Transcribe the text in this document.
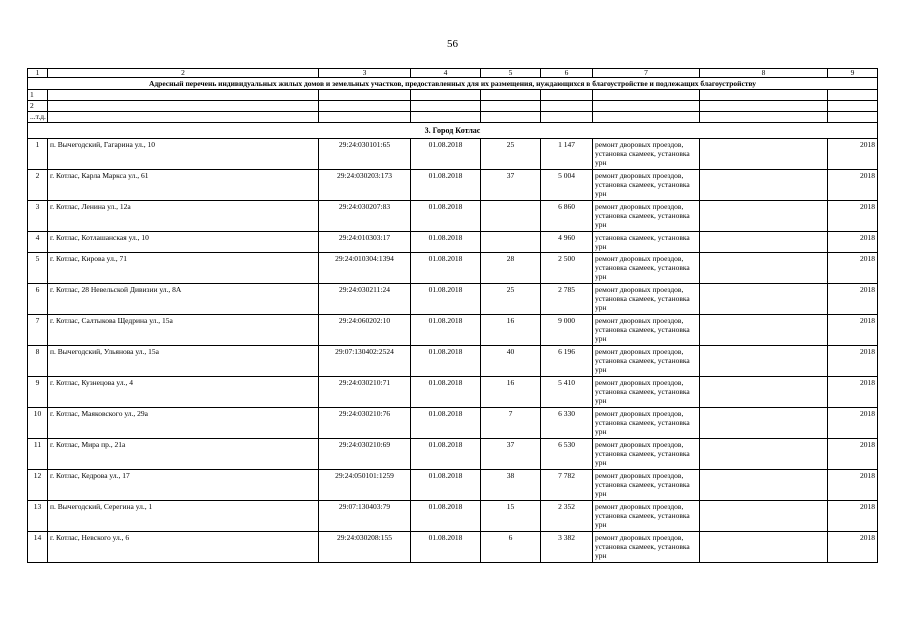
56
1	2	3	4	5	6	7	8	9
Адресный перечень индивидуальных жилых домов и земельных участков, предоставленных для их размещения, нуждающихся в благоустройстве и подлежащих благоустройству								
1								
2								
...т.д.								
3. Город Котлас								
1	п. Вычегодский, Гагарина ул., 10	29:24:030101:65	01.08.2018	25	1 147	ремонт дворовых проездов, установка скамеек, установка урн		2018
2	г. Котлас, Карла Маркса ул., 61	29:24:030203:173	01.08.2018	37	5 004	ремонт дворовых проездов, установка скамеек, установка урн		2018
3	г. Котлас, Ленина ул., 12а	29:24:030207:83	01.08.2018		6 860	ремонт дворовых проездов, установка скамеек, установка урн		2018
4	г. Котлас, Котлашанская ул., 10	29:24:010303:17	01.08.2018		4 960	установка скамеек, установка урн		2018
5	г. Котлас, Кирова ул., 71	29:24:010304:1394	01.08.2018	28	2 500	ремонт дворовых проездов, установка скамеек, установка урн		2018
6	г. Котлас, 28 Невельской Дивизии ул., 8А	29:24:030211:24	01.08.2018	25	2 785	ремонт дворовых проездов, установка скамеек, установка урн		2018
7	г. Котлас, Салтыкова Щедрина ул., 15а	29:24:060202:10	01.08.2018	16	9 000	ремонт дворовых проездов, установка скамеек, установка урн		2018
8	п. Вычегодский, Ульянова ул., 15а	29:07:130402:2524	01.08.2018	40	6 196	ремонт дворовых проездов, установка скамеек, установка урн		2018
9	г. Котлас, Кузнецова ул., 4	29:24:030210:71	01.08.2018	16	5 410	ремонт дворовых проездов, установка скамеек, установка урн		2018
10	г. Котлас, Маяковского ул., 29а	29:24:030210:76	01.08.2018	7	6 330	ремонт дворовых проездов, установка скамеек, установка урн		2018
11	г. Котлас, Мира пр., 21а	29:24:030210:69	01.08.2018	37	6 530	ремонт дворовых проездов, установка скамеек, установка урн		2018
12	г. Котлас, Кедрова ул., 17	29:24:050101:1259	01.08.2018	38	7 782	ремонт дворовых проездов, установка скамеек, установка урн		2018
13	п. Вычегодский, Серегина ул., 1	29:07:130403:79	01.08.2018	15	2 352	ремонт дворовых проездов, установка скамеек, установка урн		2018
14	г. Котлас, Невского ул., 6	29:24:030208:155	01.08.2018	6	3 382	ремонт дворовых проездов, установка скамеек, установка урн		2018
